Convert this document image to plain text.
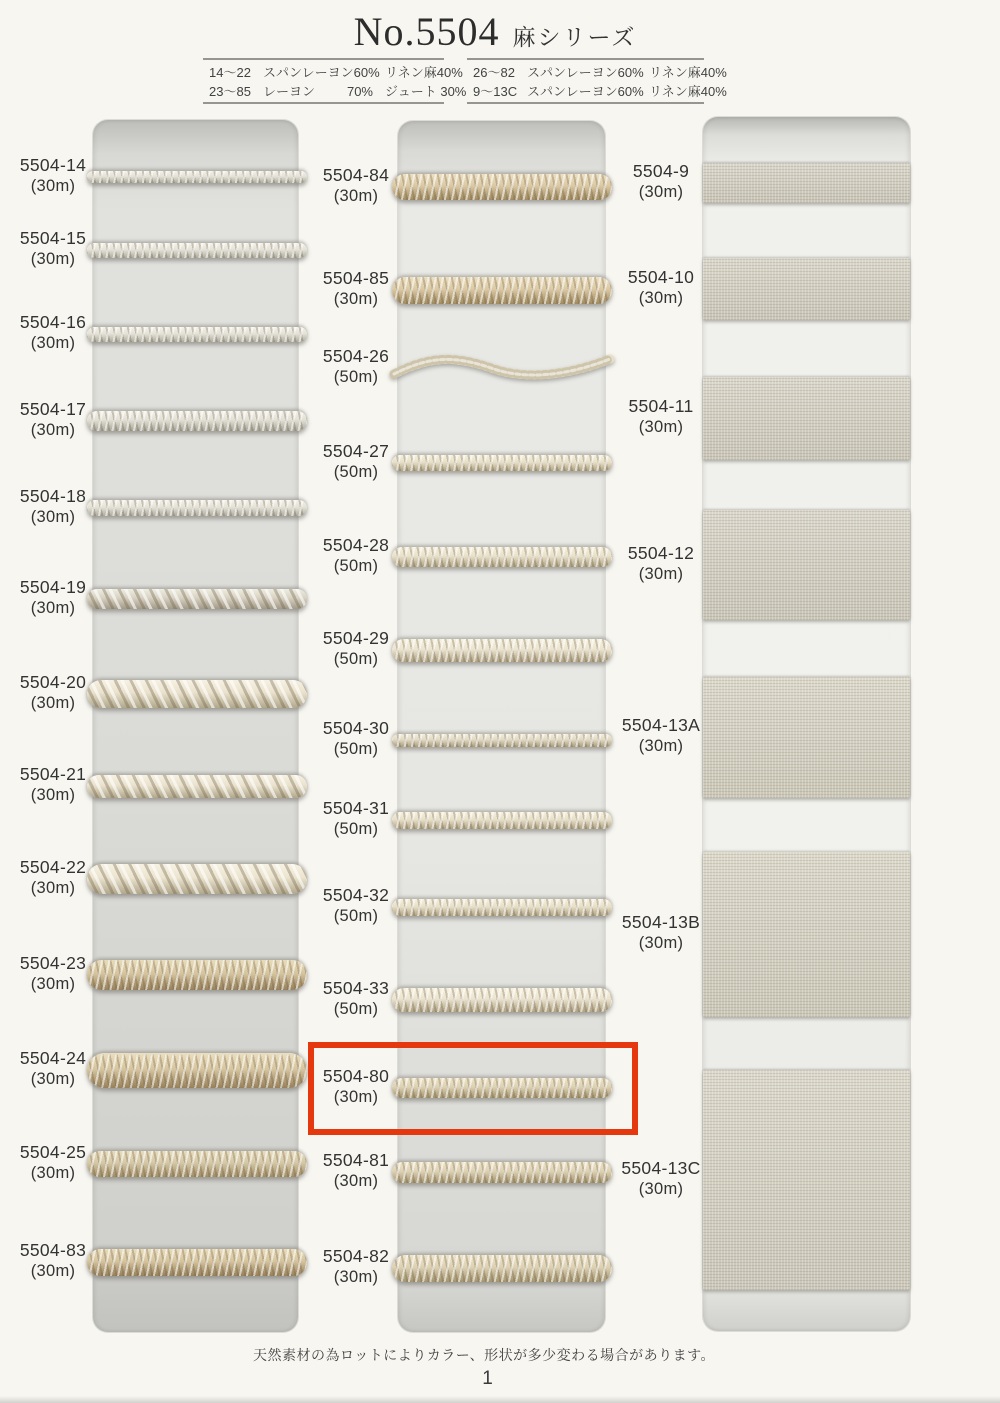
No.5504 麻シリーズ
14〜22 スパンレーヨン60% リネン麻40%
23〜85 レーヨン 70% ジュート 30%
26〜82 スパンレーヨン60% リネン麻40%
9〜13C スパンレーヨン60% リネン麻40%
天然素材の為ロットによりカラー、形状が多少変わる場合があります。
1
5504-14
(30m)
5504-15
(30m)
5504-16
(30m)
5504-17
(30m)
5504-18
(30m)
5504-19
(30m)
5504-20
(30m)
5504-21
(30m)
5504-22
(30m)
5504-23
(30m)
5504-24
(30m)
5504-25
(30m)
5504-83
(30m)
5504-84
(30m)
5504-85
(30m)
5504-26
(50m)
5504-27
(50m)
5504-28
(50m)
5504-29
(50m)
5504-30
(50m)
5504-31
(50m)
5504-32
(50m)
5504-33
(50m)
5504-80
(30m)
5504-81
(30m)
5504-82
(30m)
5504-9
(30m)
5504-10
(30m)
5504-11
(30m)
5504-12
(30m)
5504-13A
(30m)
5504-13B
(30m)
5504-13C
(30m)
